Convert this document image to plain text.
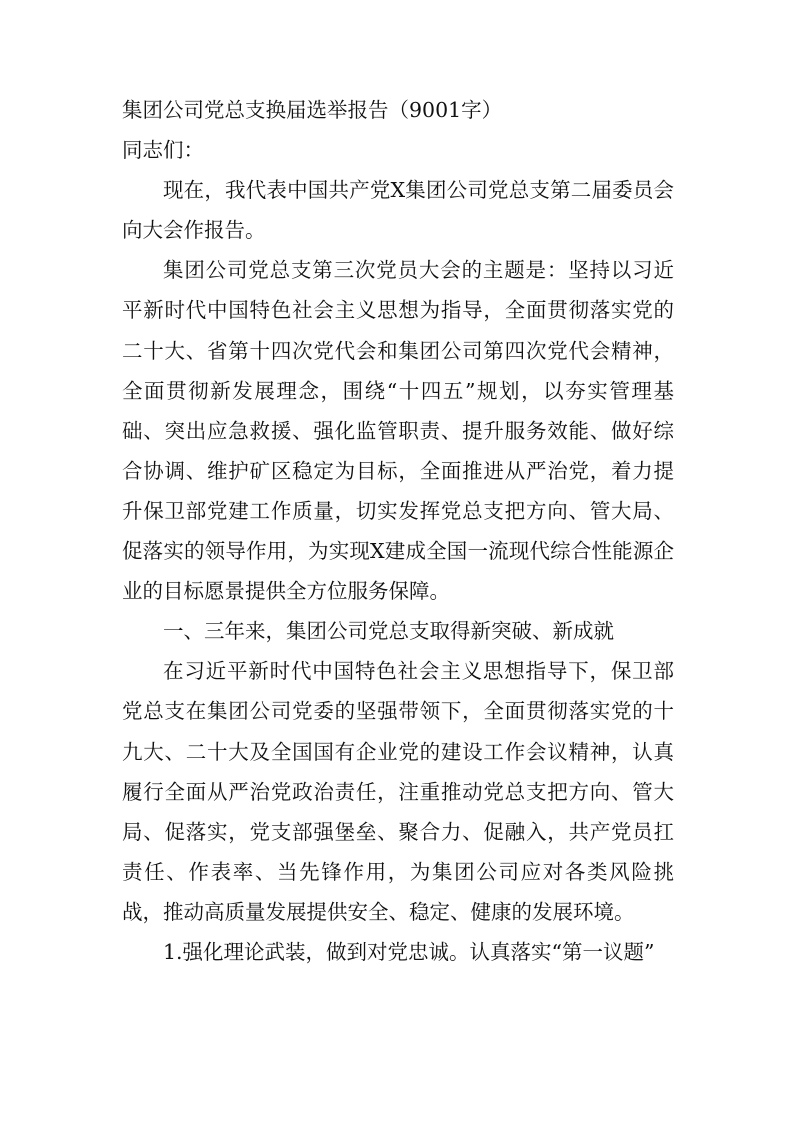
集团公司党总支换届选举报告（9001字）

同志们：

现在，我代表中国共产党X集团公司党总支第二届委员会向大会作报告。

集团公司党总支第三次党员大会的主题是：坚持以习近平新时代中国特色社会主义思想为指导，全面贯彻落实党的二十大、省第十四次党代会和集团公司第四次党代会精神，全面贯彻新发展理念，围绕“十四五”规划，以夯实管理基础、突出应急救援、强化监管职责、提升服务效能、做好综合协调、维护矿区稳定为目标，全面推进从严治党，着力提升保卫部党建工作质量，切实发挥党总支把方向、管大局、促落实的领导作用，为实现X建成全国一流现代综合性能源企业的目标愿景提供全方位服务保障。

一、三年来，集团公司党总支取得新突破、新成就

在习近平新时代中国特色社会主义思想指导下，保卫部党总支在集团公司党委的坚强带领下，全面贯彻落实党的十九大、二十大及全国国有企业党的建设工作会议精神，认真履行全面从严治党政治责任，注重推动党总支把方向、管大局、促落实，党支部强堡垒、聚合力、促融入，共产党员扛责任、作表率、当先锋作用，为集团公司应对各类风险挑战，推动高质量发展提供安全、稳定、健康的发展环境。

1.强化理论武装，做到对党忠诚。认真落实“第一议题”
